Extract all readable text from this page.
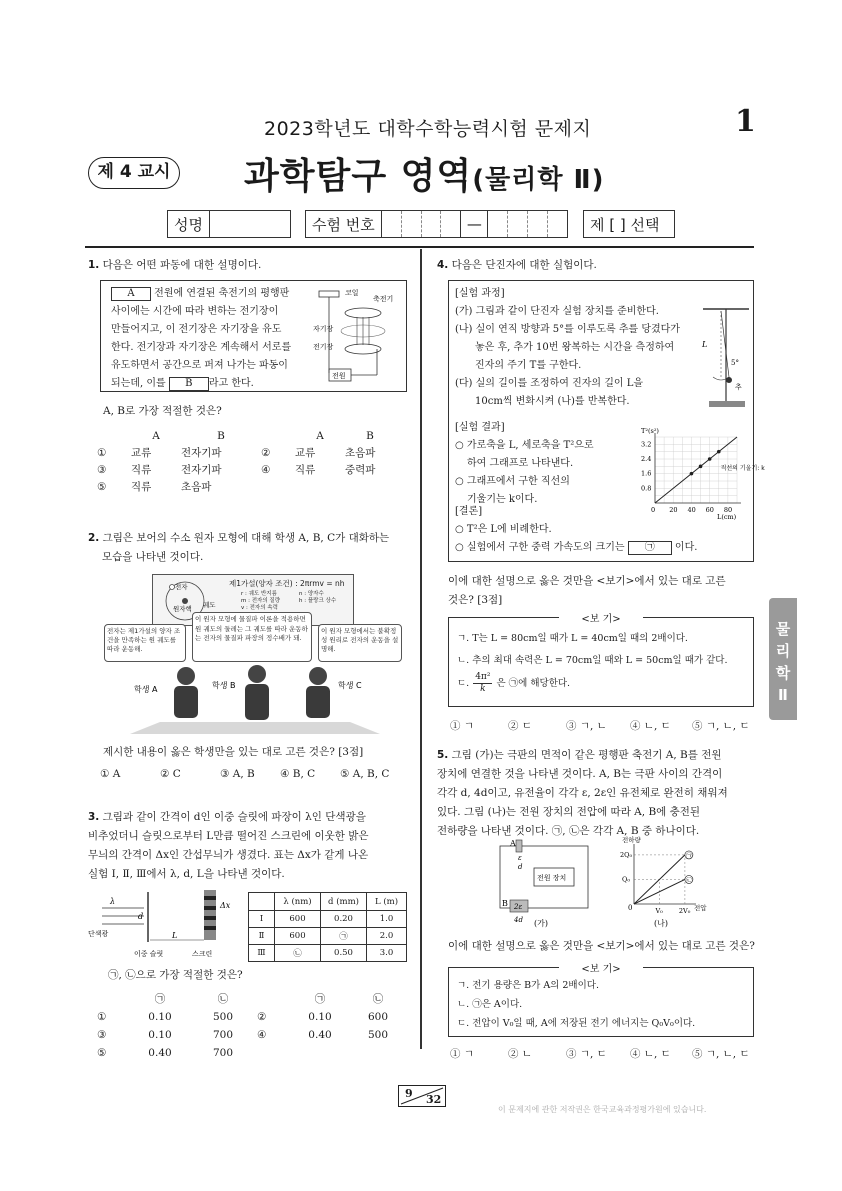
2023학년도 대학수학능력시험 문제지	1
제 4 교시 과학탐구 영역(물리학 Ⅱ)
성명	수험 번호	—	제 [ ] 선택
물
리
학
Ⅱ
1. 다음은 어떤 파동에 대한 설명이다.
A 전원에 연결된 축전기의 평행판
사이에는 시간에 따라 변하는 전기장이
만들어지고, 이 전기장은 자기장을 유도
한다. 전기장과 자기장은 계속해서 서로를
유도하면서 공간으로 퍼져 나가는 파동이
되는데, 이를 B 라고 한다.
코일
축전기
자기장
전기장
전원
A, B로 가장 적절한 것은?
A	B	A	B
①	교류	전자기파	②	교류	초음파
③	직류	전자기파	④	직류	중력파
⑤	직류	초음파
2. 그림은 보어의 수소 원자 모형에 대해 학생 A, B, C가 대화하는
모습을 나타낸 것이다.
전자
원자핵 궤도
제1가설(양자 조건) : 2πrmv = nh
r : 궤도 반지름
m : 전자의 질량
v : 전자의 속력
n : 양자수
h : 플랑크 상수
전자는 제1가설의 양자 조건을 만족하는 원 궤도를 따라 운동해.
이 원자 모형에 물질파 이론을 적용하면 원 궤도의 둘레는 그 궤도를 따라 운동하는 전자의 물질파 파장의 정수배가 돼.
이 원자 모형에서는 불확정성 원리로 전자의 운동을 설명해.
학생 A	학생 B	학생 C
제시한 내용이 옳은 학생만을 있는 대로 고른 것은? [3점]
① A	② C	③ A, B	④ B, C	⑤ A, B, C
3. 그림과 같이 간격이 d인 이중 슬릿에 파장이 λ인 단색광을
비추었더니 슬릿으로부터 L만큼 떨어진 스크린에 이웃한 밝은
무늬의 간격이 Δx인 간섭무늬가 생겼다. 표는 Δx가 같게 나온
실험 Ⅰ, Ⅱ, Ⅲ에서 λ, d, L을 나타낸 것이다.
λ
d
L
Δx
단색광
이중 슬릿	스크린
	λ (nm)	d (mm)	L (m)
Ⅰ	600	0.20	1.0
Ⅱ	600	㉠	2.0
Ⅲ	㉡	0.50	3.0
㉠, ㉡으로 가장 적절한 것은?
㉠	㉡	㉠	㉡
①	0.10	500	②	0.10	600
③	0.10	700	④	0.40	500
⑤	0.40	700
4. 다음은 단진자에 대한 실험이다.
[실험 과정]
(가) 그림과 같이 단진자 실험 장치를 준비한다.
(나) 실이 연직 방향과 5°를 이루도록 추를 당겼다가
놓은 후, 추가 10번 왕복하는 시간을 측정하여
진자의 주기 T를 구한다.
(다) 실의 길이를 조정하여 진자의 길이 L을
10cm씩 변화시켜 (나)를 반복한다.
L
5°
추
[실험 결과]
○ 가로축을 L, 세로축을 T²으로
하여 그래프로 나타낸다.
○ 그래프에서 구한 직선의
기울기는 k이다.
T²(s²)
L(cm)
0 20 40 60 80
0.8
1.6
2.4
3.2
직선의 기울기: k
[결론]
○ T²은 L에 비례한다.
○ 실험에서 구한 중력 가속도의 크기는 ㉠ 이다.
이에 대한 설명으로 옳은 것만을 <보기>에서 있는 대로 고른
것은? [3점]
<보 기>
ㄱ. T는 L = 80cm일 때가 L = 40cm일 때의 2배이다.
ㄴ. 추의 최대 속력은 L = 70cm일 때와 L = 50cm일 때가 같다.
ㄷ. $\frac{\text{4π²}}{k}$ 은 ㉠에 해당한다.
① ㄱ	② ㄷ	③ ㄱ, ㄴ	④ ㄴ, ㄷ	⑤ ㄱ, ㄴ, ㄷ
5. 그림 (가)는 극판의 면적이 같은 평행판 축전기 A, B를 전원
장치에 연결한 것을 나타낸 것이다. A, B는 극판 사이의 간격이
각각 d, 4d이고, 유전율이 각각 ε, 2ε인 유전체로 완전히 채워져
있다. 그림 (나)는 전원 장치의 전압에 따라 A, B에 충전된
전하량을 나타낸 것이다. ㉠, ㉡은 각각 A, B 중 하나이다.
A
B
ε
d
2ε
4d
전원 장치
(가)
전하량
전압
0
(나)
㉠
㉡
2Q₀
Q₀
V₀ 2V₀
이에 대한 설명으로 옳은 것만을 <보기>에서 있는 대로 고른 것은?
<보 기>
ㄱ. 전기 용량은 B가 A의 2배이다.
ㄴ. ㉠은 A이다.
ㄷ. 전압이 V₀일 때, A에 저장된 전기 에너지는 Q₀V₀이다.
① ㄱ	② ㄴ	③ ㄱ, ㄷ	④ ㄴ, ㄷ	⑤ ㄱ, ㄴ, ㄷ
9 32
이 문제지에 관한 저작권은 한국교육과정평가원에 있습니다.
